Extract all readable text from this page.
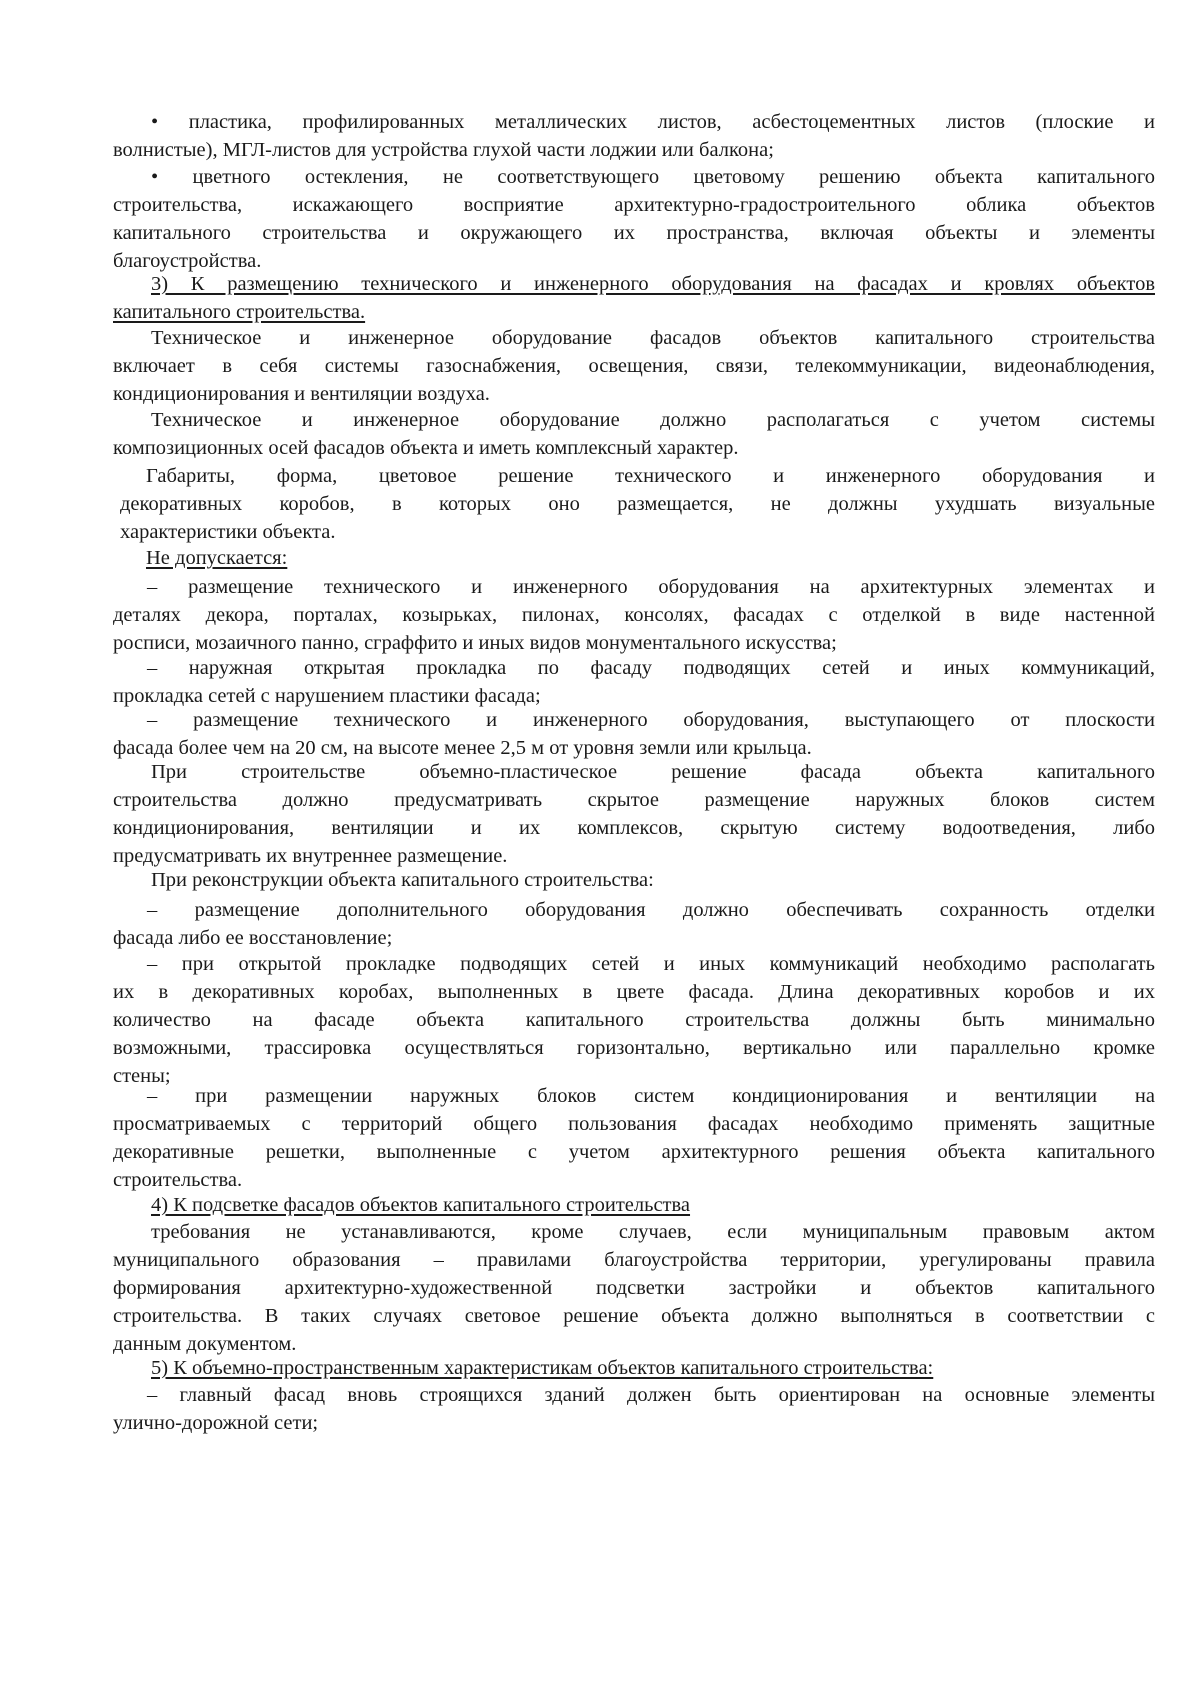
• пластика, профилированных металлических листов, асбестоцементных листов (плоские и
волнистые), МГЛ-листов для устройства глухой части лоджии или балкона;
• цветного остекления, не соответствующего цветовому решению объекта капитального
строительства, искажающего восприятие архитектурно-градостроительного облика объектов
капитального строительства и окружающего их пространства, включая объекты и элементы
благоустройства.
3) К размещению технического и инженерного оборудования на фасадах и кровлях объектов
капитального строительства.
Техническое и инженерное оборудование фасадов объектов капитального строительства
включает в себя системы газоснабжения, освещения, связи, телекоммуникации, видеонаблюдения,
кондиционирования и вентиляции воздуха.
Техническое и инженерное оборудование должно располагаться с учетом системы
композиционных осей фасадов объекта и иметь комплексный характер.
Габариты, форма, цветовое решение технического и инженерного оборудования и
декоративных коробов, в которых оно размещается, не должны ухудшать визуальные
характеристики объекта.
Не допускается:
– размещение технического и инженерного оборудования на архитектурных элементах и
деталях декора, порталах, козырьках, пилонах, консолях, фасадах с отделкой в виде настенной
росписи, мозаичного панно, сграффито и иных видов монументального искусства;
– наружная открытая прокладка по фасаду подводящих сетей и иных коммуникаций,
прокладка сетей с нарушением пластики фасада;
– размещение технического и инженерного оборудования, выступающего от плоскости
фасада более чем на 20 см, на высоте менее 2,5 м от уровня земли или крыльца.
При строительстве объемно-пластическое решение фасада объекта капитального
строительства должно предусматривать скрытое размещение наружных блоков систем
кондиционирования, вентиляции и их комплексов, скрытую систему водоотведения, либо
предусматривать их внутреннее размещение.
При реконструкции объекта капитального строительства:
– размещение дополнительного оборудования должно обеспечивать сохранность отделки
фасада либо ее восстановление;
– при открытой прокладке подводящих сетей и иных коммуникаций необходимо располагать
их в декоративных коробах, выполненных в цвете фасада. Длина декоративных коробов и их
количество на фасаде объекта капитального строительства должны быть минимально
возможными, трассировка осуществляться горизонтально, вертикально или параллельно кромке
стены;
– при размещении наружных блоков систем кондиционирования и вентиляции на
просматриваемых с территорий общего пользования фасадах необходимо применять защитные
декоративные решетки, выполненные с учетом архитектурного решения объекта капитального
строительства.
4) К подсветке фасадов объектов капитального строительства
требования не устанавливаются, кроме случаев, если муниципальным правовым актом
муниципального образования – правилами благоустройства территории, урегулированы правила
формирования архитектурно-художественной подсветки застройки и объектов капитального
строительства. В таких случаях световое решение объекта должно выполняться в соответствии с
данным документом.
5) К объемно-пространственным характеристикам объектов капитального строительства:
– главный фасад вновь строящихся зданий должен быть ориентирован на основные элементы
улично-дорожной сети;
